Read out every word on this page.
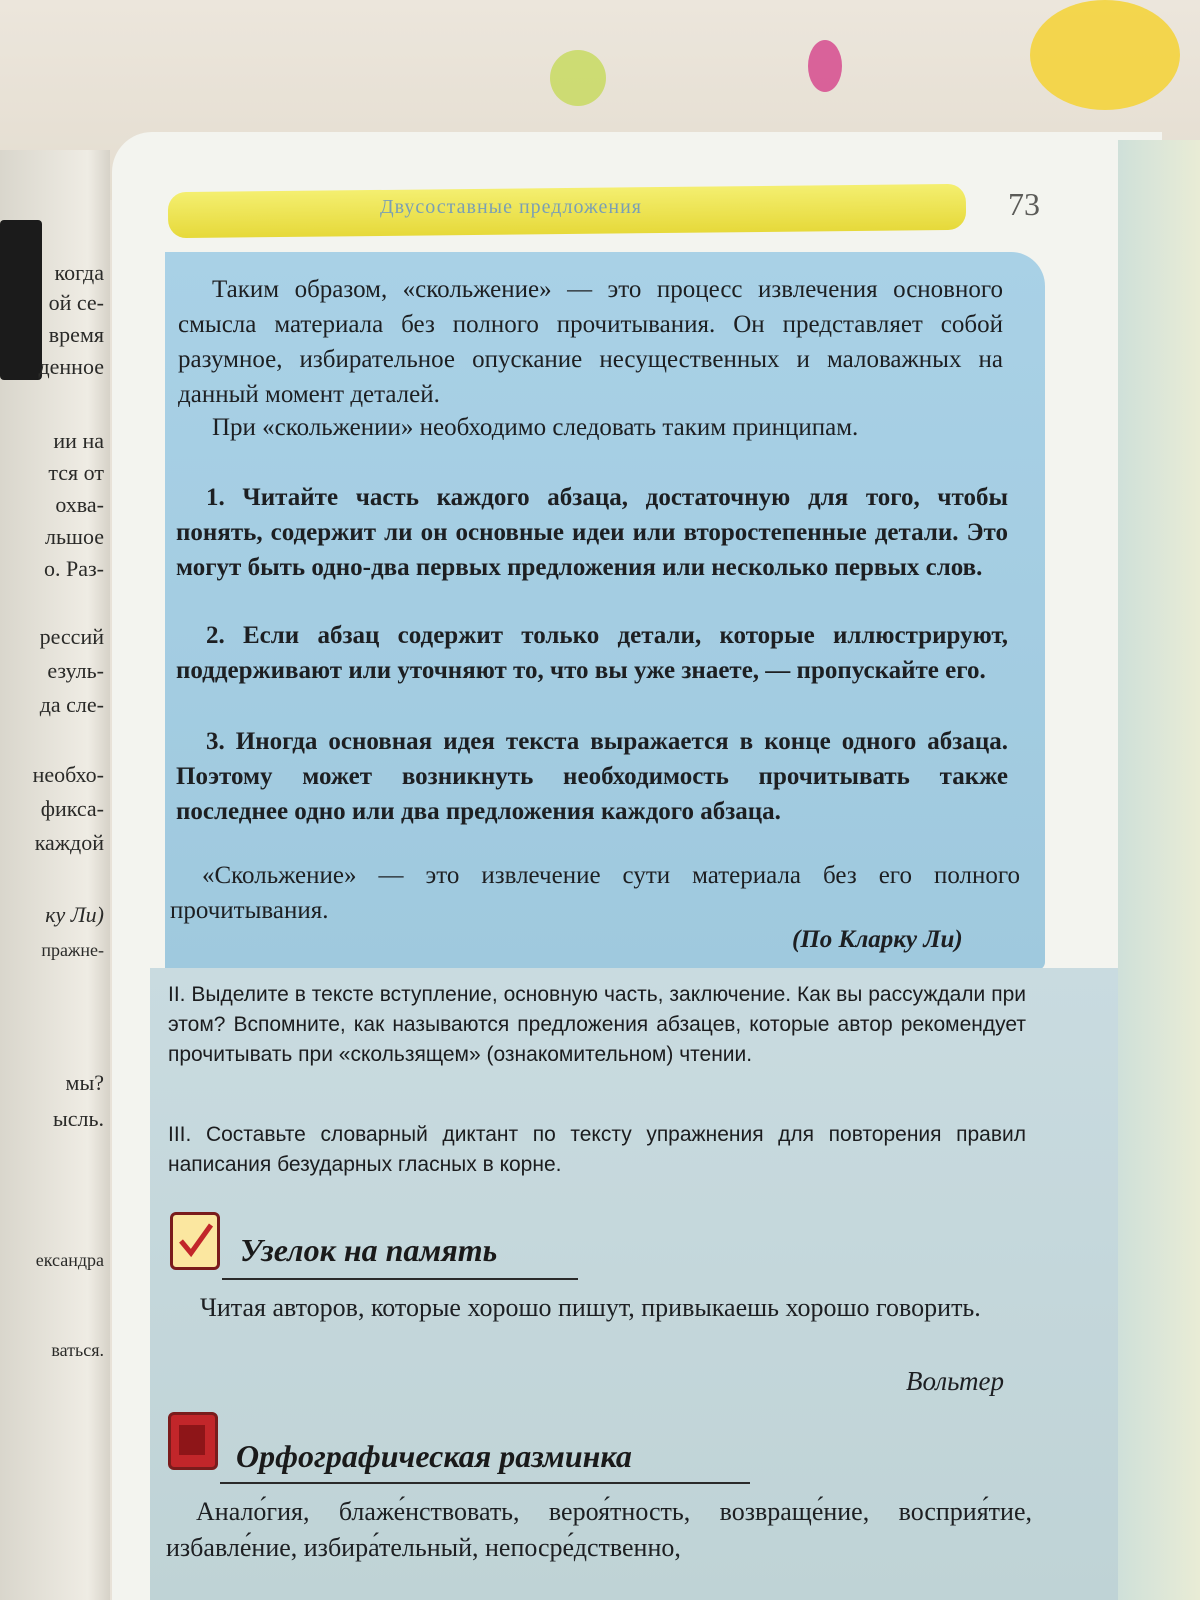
когда
ой се-
время
денное
ии на
тся от
охва-
льшое
о. Раз-
рессий
езуль-
да сле-
необхо-
фикса-
каждой
ку Ли)
пражне-
мы?
ысль.
ександра
ваться.
Двусоставные предложения	73

Таким образом, «скольжение» — это процесс извлечения основного смысла материала без полного прочитывания. Он представляет собой разумное, избирательное опускание несущественных и маловажных на данный момент деталей.

При «скольжении» необходимо следовать таким принципам.

1. Читайте часть каждого абзаца, достаточную для того, чтобы понять, содержит ли он основные идеи или второстепенные детали. Это могут быть одно-два первых предложения или несколько первых слов.

2. Если абзац содержит только детали, которые иллюстрируют, поддерживают или уточняют то, что вы уже знаете, — пропускайте его.

3. Иногда основная идея текста выражается в конце одного абзаца. Поэтому может возникнуть необходимость прочитывать также последнее одно или два предложения каждого абзаца.

«Скольжение» — это извлечение сути материала без его полного прочитывания.

(По Кларку Ли)

II. Выделите в тексте вступление, основную часть, заключение. Как вы рассуждали при этом? Вспомните, как называются предложения абзацев, которые автор рекомендует прочитывать при «скользящем» (ознакомительном) чтении.

III. Составьте словарный диктант по тексту упражнения для повторения правил написания безударных гласных в корне.

Узелок на память

Читая авторов, которые хорошо пишут, привыкаешь хорошо говорить.

Вольтер
Орфографическая разминка

Анало́гия, блаже́нствовать, вероя́тность, возвраще́ние, восприя́тие, избавле́ние, избира́тельный, непосре́дственно,
